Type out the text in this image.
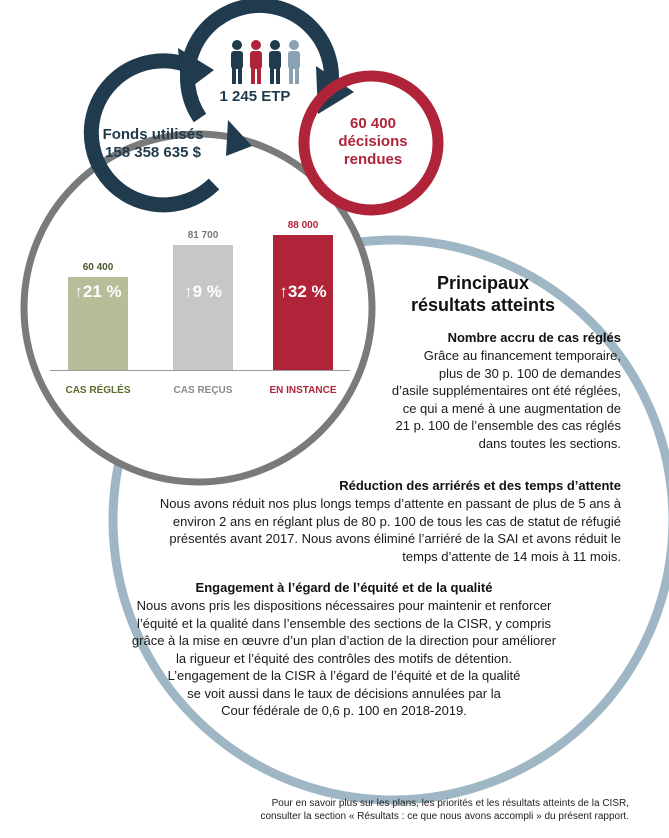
Fonds utilisés
158 358 635 $
1 245 ETP
60 400
décisions
rendues
60 400
↑21 %
CAS RÉGLÉS
81 700
↑9 %
CAS REÇUS
88 000
↑32 %
EN INSTANCE
Principaux
résultats atteints
Nombre accru de cas réglés
Grâce au financement temporaire,
plus de 30 p. 100 de demandes
d’asile supplémentaires ont été réglées,
ce qui a mené à une augmentation de
21 p. 100 de l’ensemble des cas réglés
dans toutes les sections.
Réduction des arriérés et des temps d’attente
Nous avons réduit nos plus longs temps d’attente en passant de plus de 5 ans à
environ 2 ans en réglant plus de 80 p. 100 de tous les cas de statut de réfugié
présentés avant 2017. Nous avons éliminé l’arriéré de la SAI et avons réduit le
temps d’attente de 14 mois à 11 mois.
Engagement à l’égard de l’équité et de la qualité
Nous avons pris les dispositions nécessaires pour maintenir et renforcer
l’équité et la qualité dans l’ensemble des sections de la CISR, y compris
grâce à la mise en œuvre d’un plan d’action de la direction pour améliorer
la rigueur et l’équité des contrôles des motifs de détention.
L’engagement de la CISR à l’égard de l’équité et de la qualité
se voit aussi dans le taux de décisions annulées par la
Cour fédérale de 0,6 p. 100 en 2018-2019.
Pour en savoir plus sur les plans, les priorités et les résultats atteints de la CISR,
consulter la section « Résultats : ce que nous avons accompli » du présent rapport.
